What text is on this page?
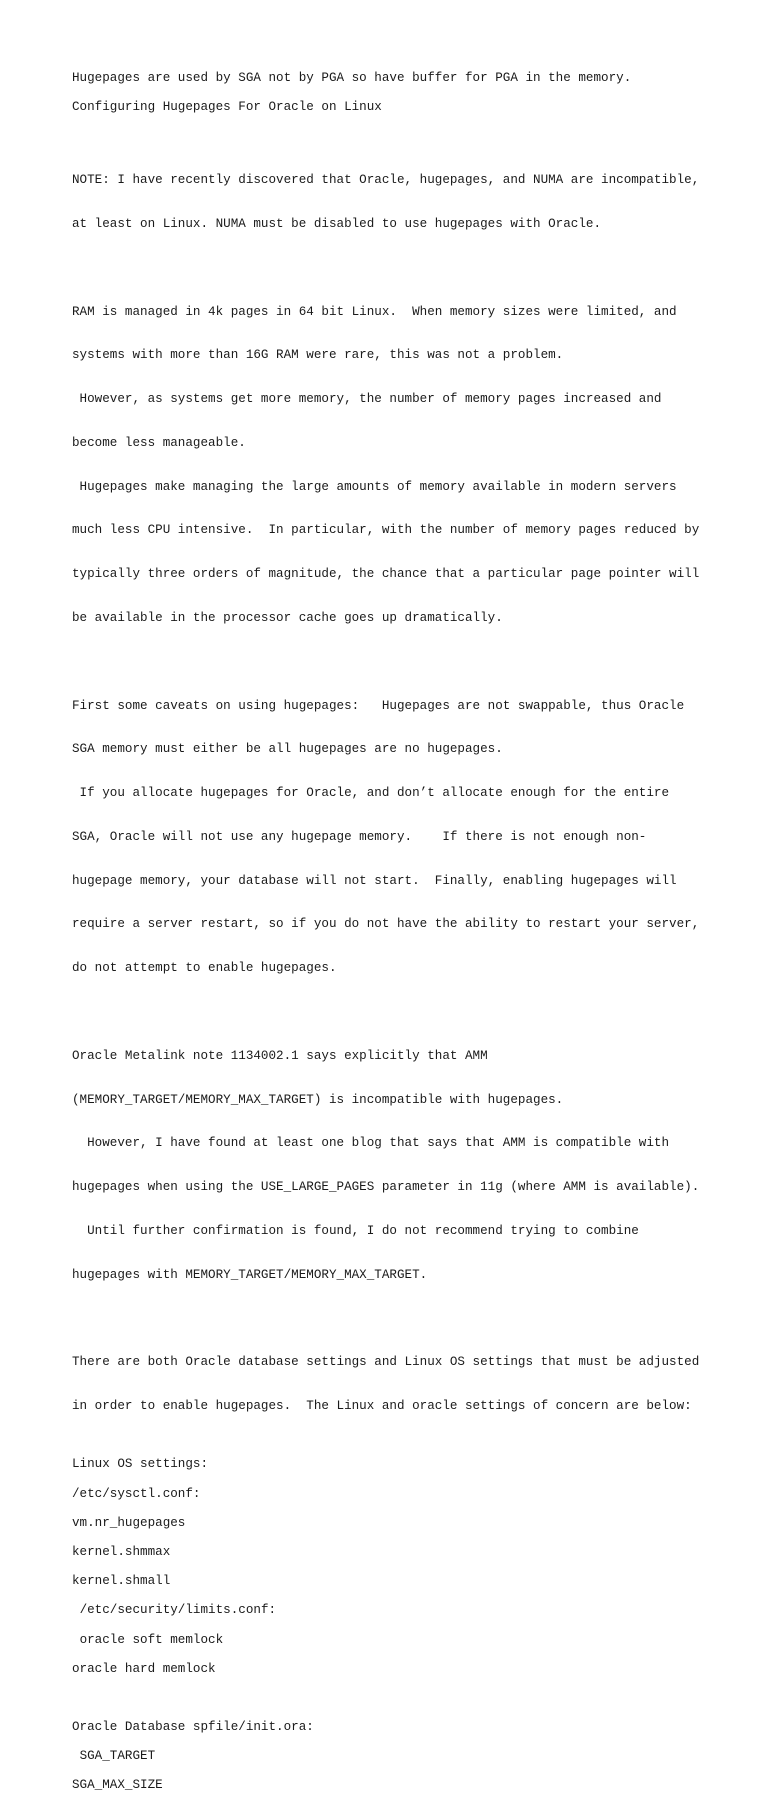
Hugepages are used by SGA not by PGA so have buffer for PGA in the memory.

Configuring Hugepages For Oracle on Linux

NOTE: I have recently discovered that Oracle, hugepages, and NUMA are incompatible,

at least on Linux. NUMA must be disabled to use hugepages with Oracle.

RAM is managed in 4k pages in 64 bit Linux.  When memory sizes were limited, and

systems with more than 16G RAM were rare, this was not a problem.

However, as systems get more memory, the number of memory pages increased and

become less manageable.

Hugepages make managing the large amounts of memory available in modern servers

much less CPU intensive.  In particular, with the number of memory pages reduced by

typically three orders of magnitude, the chance that a particular page pointer will

be available in the processor cache goes up dramatically.

First some caveats on using hugepages:   Hugepages are not swappable, thus Oracle

SGA memory must either be all hugepages are no hugepages.

If you allocate hugepages for Oracle, and don’t allocate enough for the entire

SGA, Oracle will not use any hugepage memory.    If there is not enough non-

hugepage memory, your database will not start.  Finally, enabling hugepages will

require a server restart, so if you do not have the ability to restart your server,

do not attempt to enable hugepages.

Oracle Metalink note 1134002.1 says explicitly that AMM

(MEMORY_TARGET/MEMORY_MAX_TARGET) is incompatible with hugepages.

However, I have found at least one blog that says that AMM is compatible with

hugepages when using the USE_LARGE_PAGES parameter in 11g (where AMM is available).

Until further confirmation is found, I do not recommend trying to combine

hugepages with MEMORY_TARGET/MEMORY_MAX_TARGET.

There are both Oracle database settings and Linux OS settings that must be adjusted

in order to enable hugepages.  The Linux and oracle settings of concern are below:

Linux OS settings:

/etc/sysctl.conf:

vm.nr_hugepages

kernel.shmmax

kernel.shmall

/etc/security/limits.conf:

oracle soft memlock

oracle hard memlock

Oracle Database spfile/init.ora:

SGA_TARGET

SGA_MAX_SIZE
